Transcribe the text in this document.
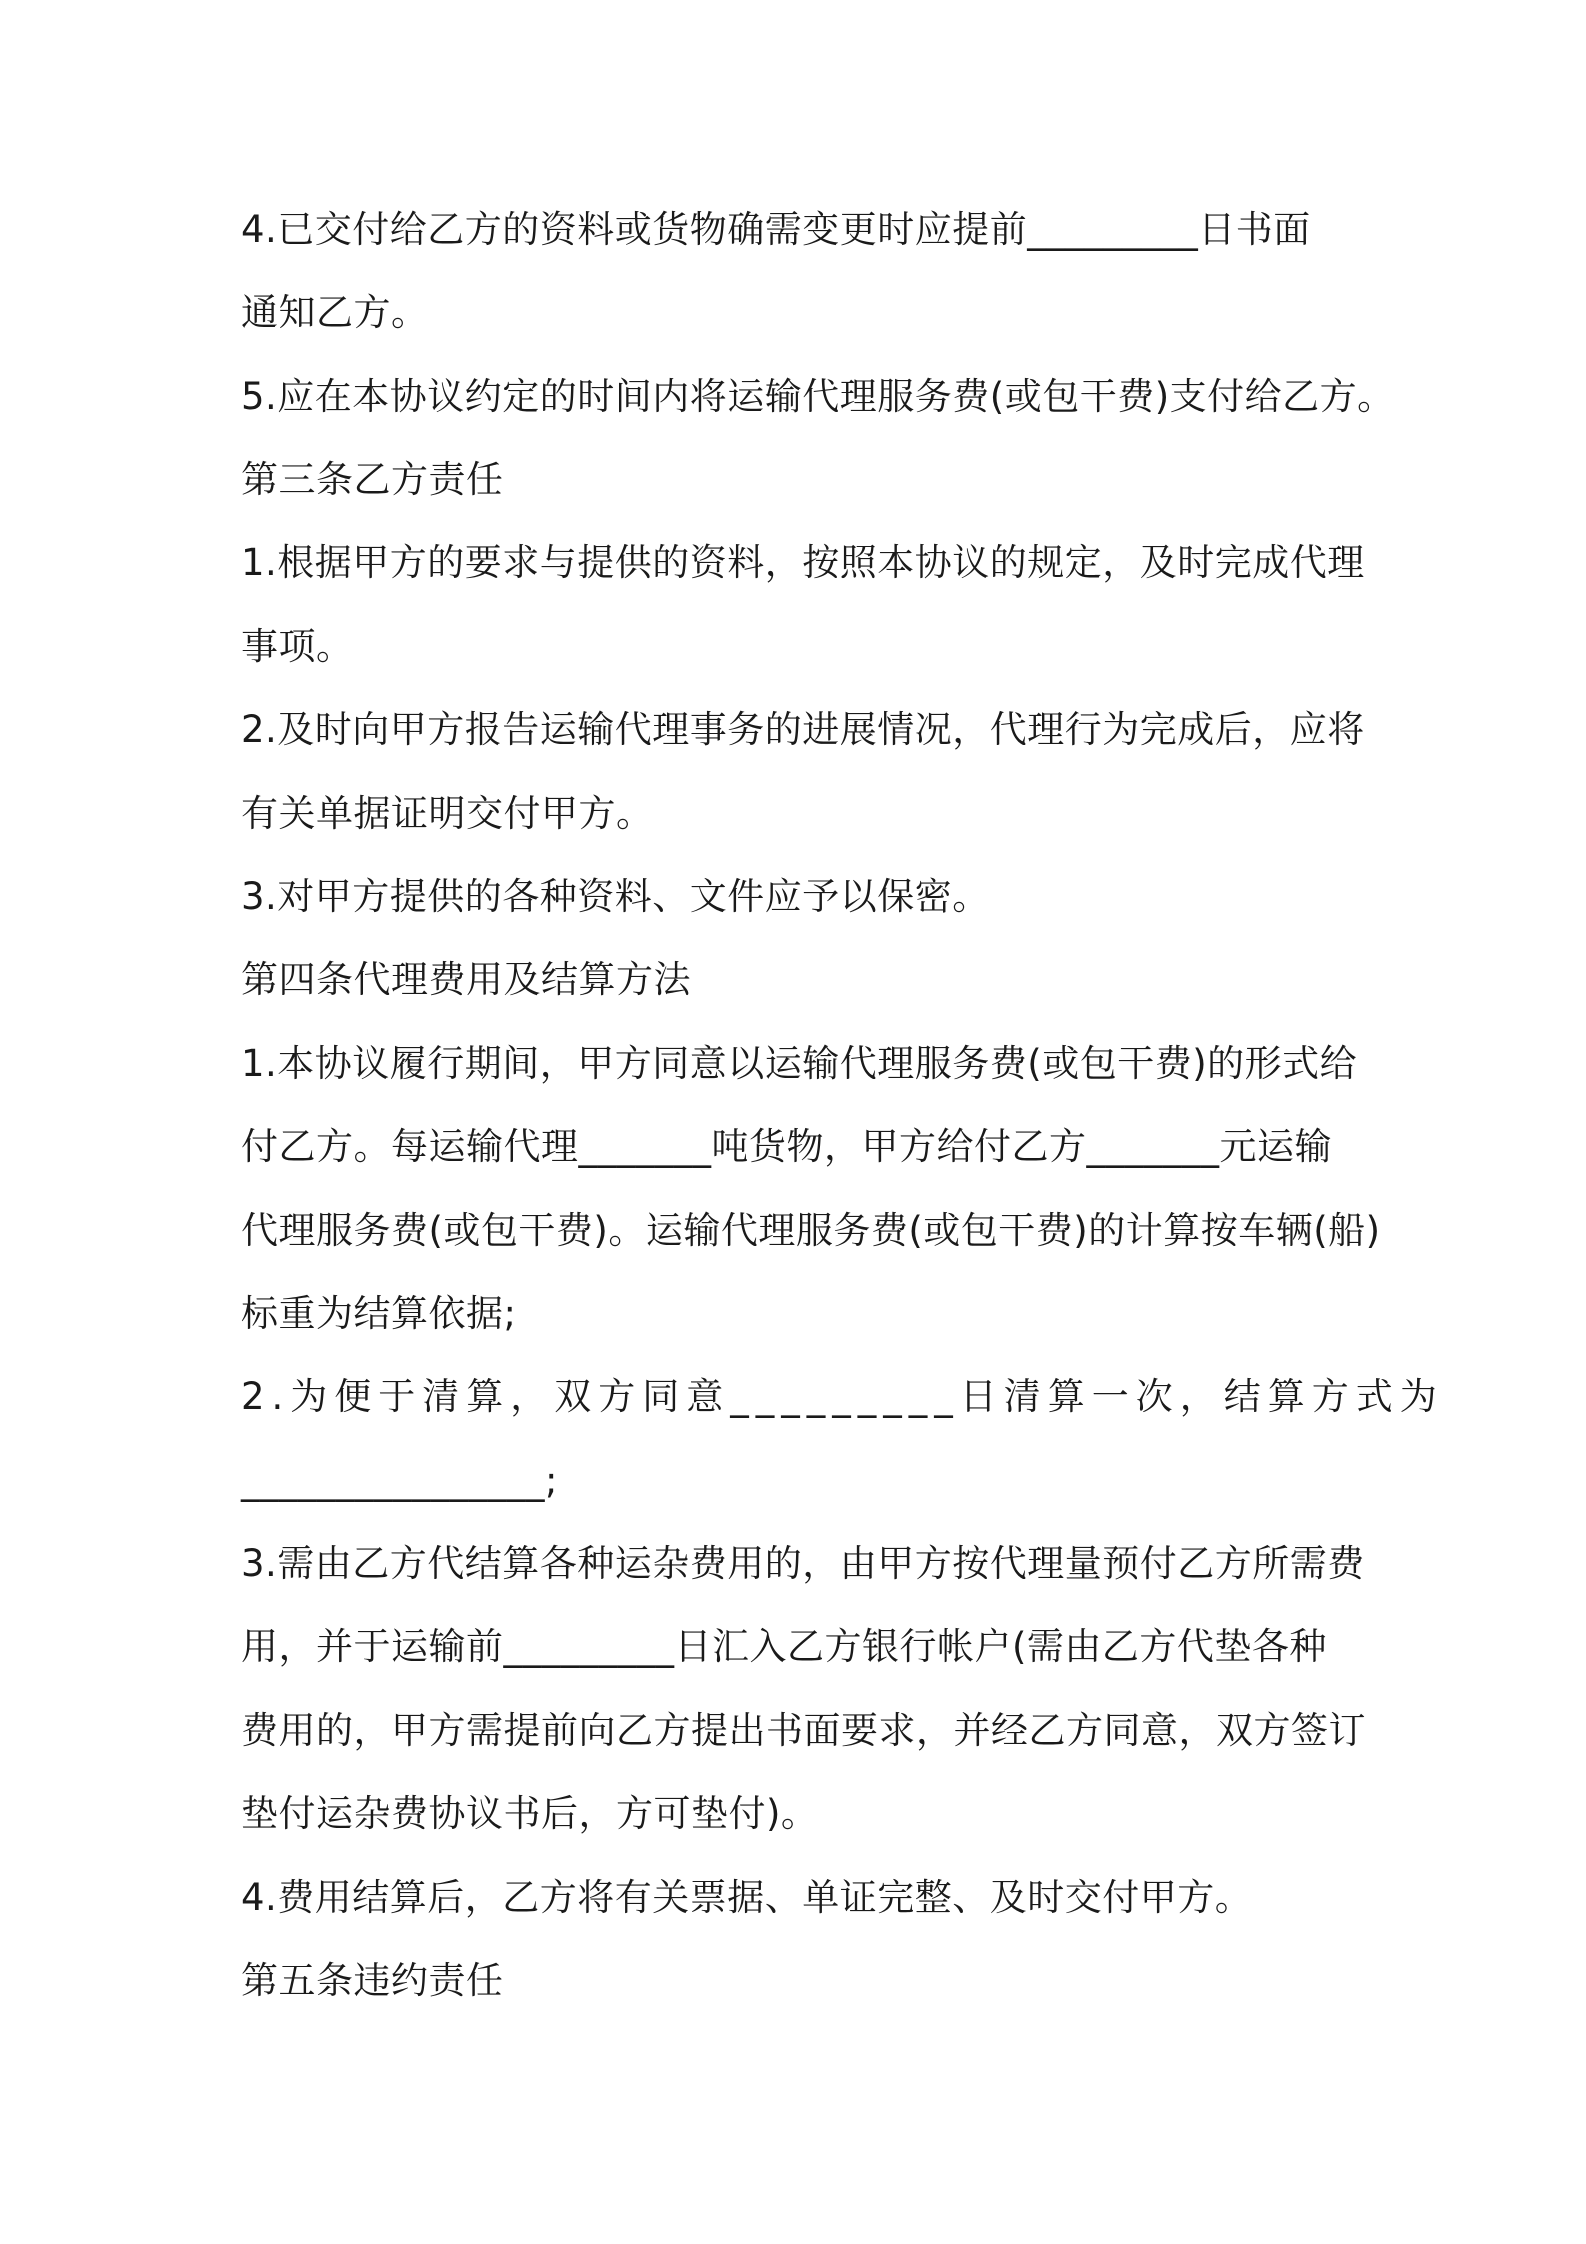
4.已交付给乙方的资料或货物确需变更时应提前_________日书面
通知乙方。
5.应在本协议约定的时间内将运输代理服务费(或包干费)支付给乙方。
第三条乙方责任
1.根据甲方的要求与提供的资料，按照本协议的规定，及时完成代理
事项。
2.及时向甲方报告运输代理事务的进展情况，代理行为完成后，应将
有关单据证明交付甲方。
3.对甲方提供的各种资料、文件应予以保密。
第四条代理费用及结算方法
1.本协议履行期间，甲方同意以运输代理服务费(或包干费)的形式给
付乙方。每运输代理_______吨货物，甲方给付乙方_______元运输
代理服务费(或包干费)。运输代理服务费(或包干费)的计算按车辆(船)
标重为结算依据;
2.为便于清算，双方同意_________日清算一次，结算方式为
________________;
3.需由乙方代结算各种运杂费用的，由甲方按代理量预付乙方所需费
用，并于运输前_________日汇入乙方银行帐户(需由乙方代垫各种
费用的，甲方需提前向乙方提出书面要求，并经乙方同意，双方签订
垫付运杂费协议书后，方可垫付)。
4.费用结算后，乙方将有关票据、单证完整、及时交付甲方。
第五条违约责任
